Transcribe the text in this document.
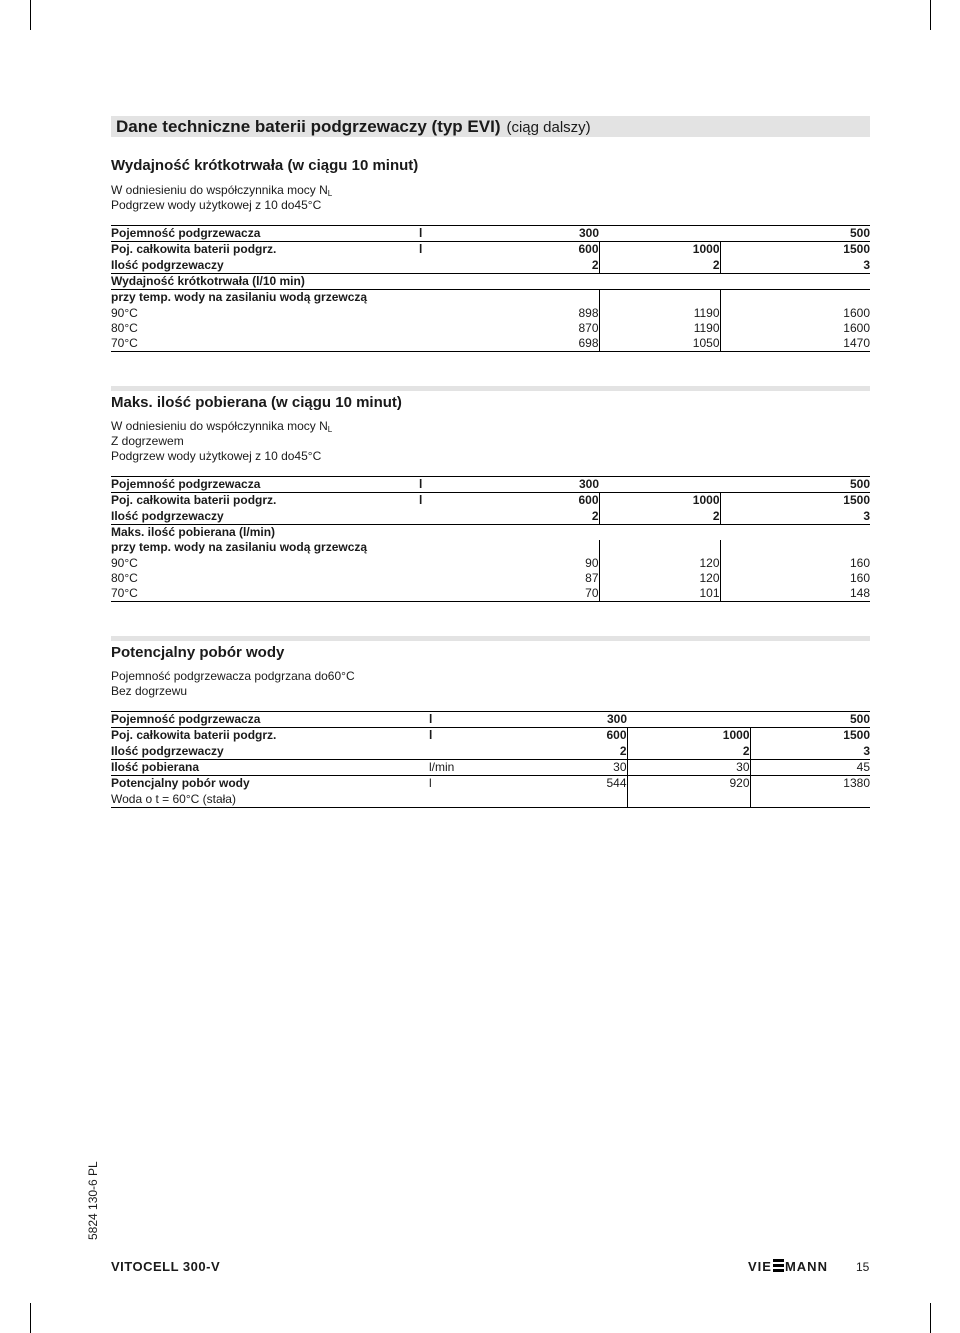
Dane techniczne baterii podgrzewaczy (typ EVI) (ciąg dalszy)
Wydajność krótkotrwała (w ciągu 10 minut)
W odniesieniu do współczynnika mocy $N_L$
Podgrzew wody użytkowej z 10 do45°C
Pojemność podgrzewacza	l	300		500
Poj. całkowita baterii podgrz.	l	600	1000	1500
Ilość podgrzewaczy		2	2	3
Wydajność krótkotrwała (l/10 min)				
przy temp. wody na zasilaniu wodą grzewczą				
90°C		898	1190	1600
80°C		870	1190	1600
70°C		698	1050	1470
Maks. ilość pobierana (w ciągu 10 minut)
W odniesieniu do współczynnika mocy $N_L$
Z dogrzewem
Podgrzew wody użytkowej z 10 do45°C
Pojemność podgrzewacza	l	300		500
Poj. całkowita baterii podgrz.	l	600	1000	1500
Ilość podgrzewaczy		2	2	3
Maks. ilość pobierana (l/min)				
przy temp. wody na zasilaniu wodą grzewczą				
90°C		90	120	160
80°C		87	120	160
70°C		70	101	148
Potencjalny pobór wody
Pojemność podgrzewacza podgrzana do60°C
Bez dogrzewu
Pojemność podgrzewacza	l	300		500
Poj. całkowita baterii podgrz.	l	600	1000	1500
Ilość podgrzewaczy		2	2	3
Ilość pobierana	l/min	30	30	45
Potencjalny pobór wody	l	544	920	1380
Woda o t = 60°C (stała)				
5824 130-6 PL
VITOCELL 300-V	VIE MANN 15
